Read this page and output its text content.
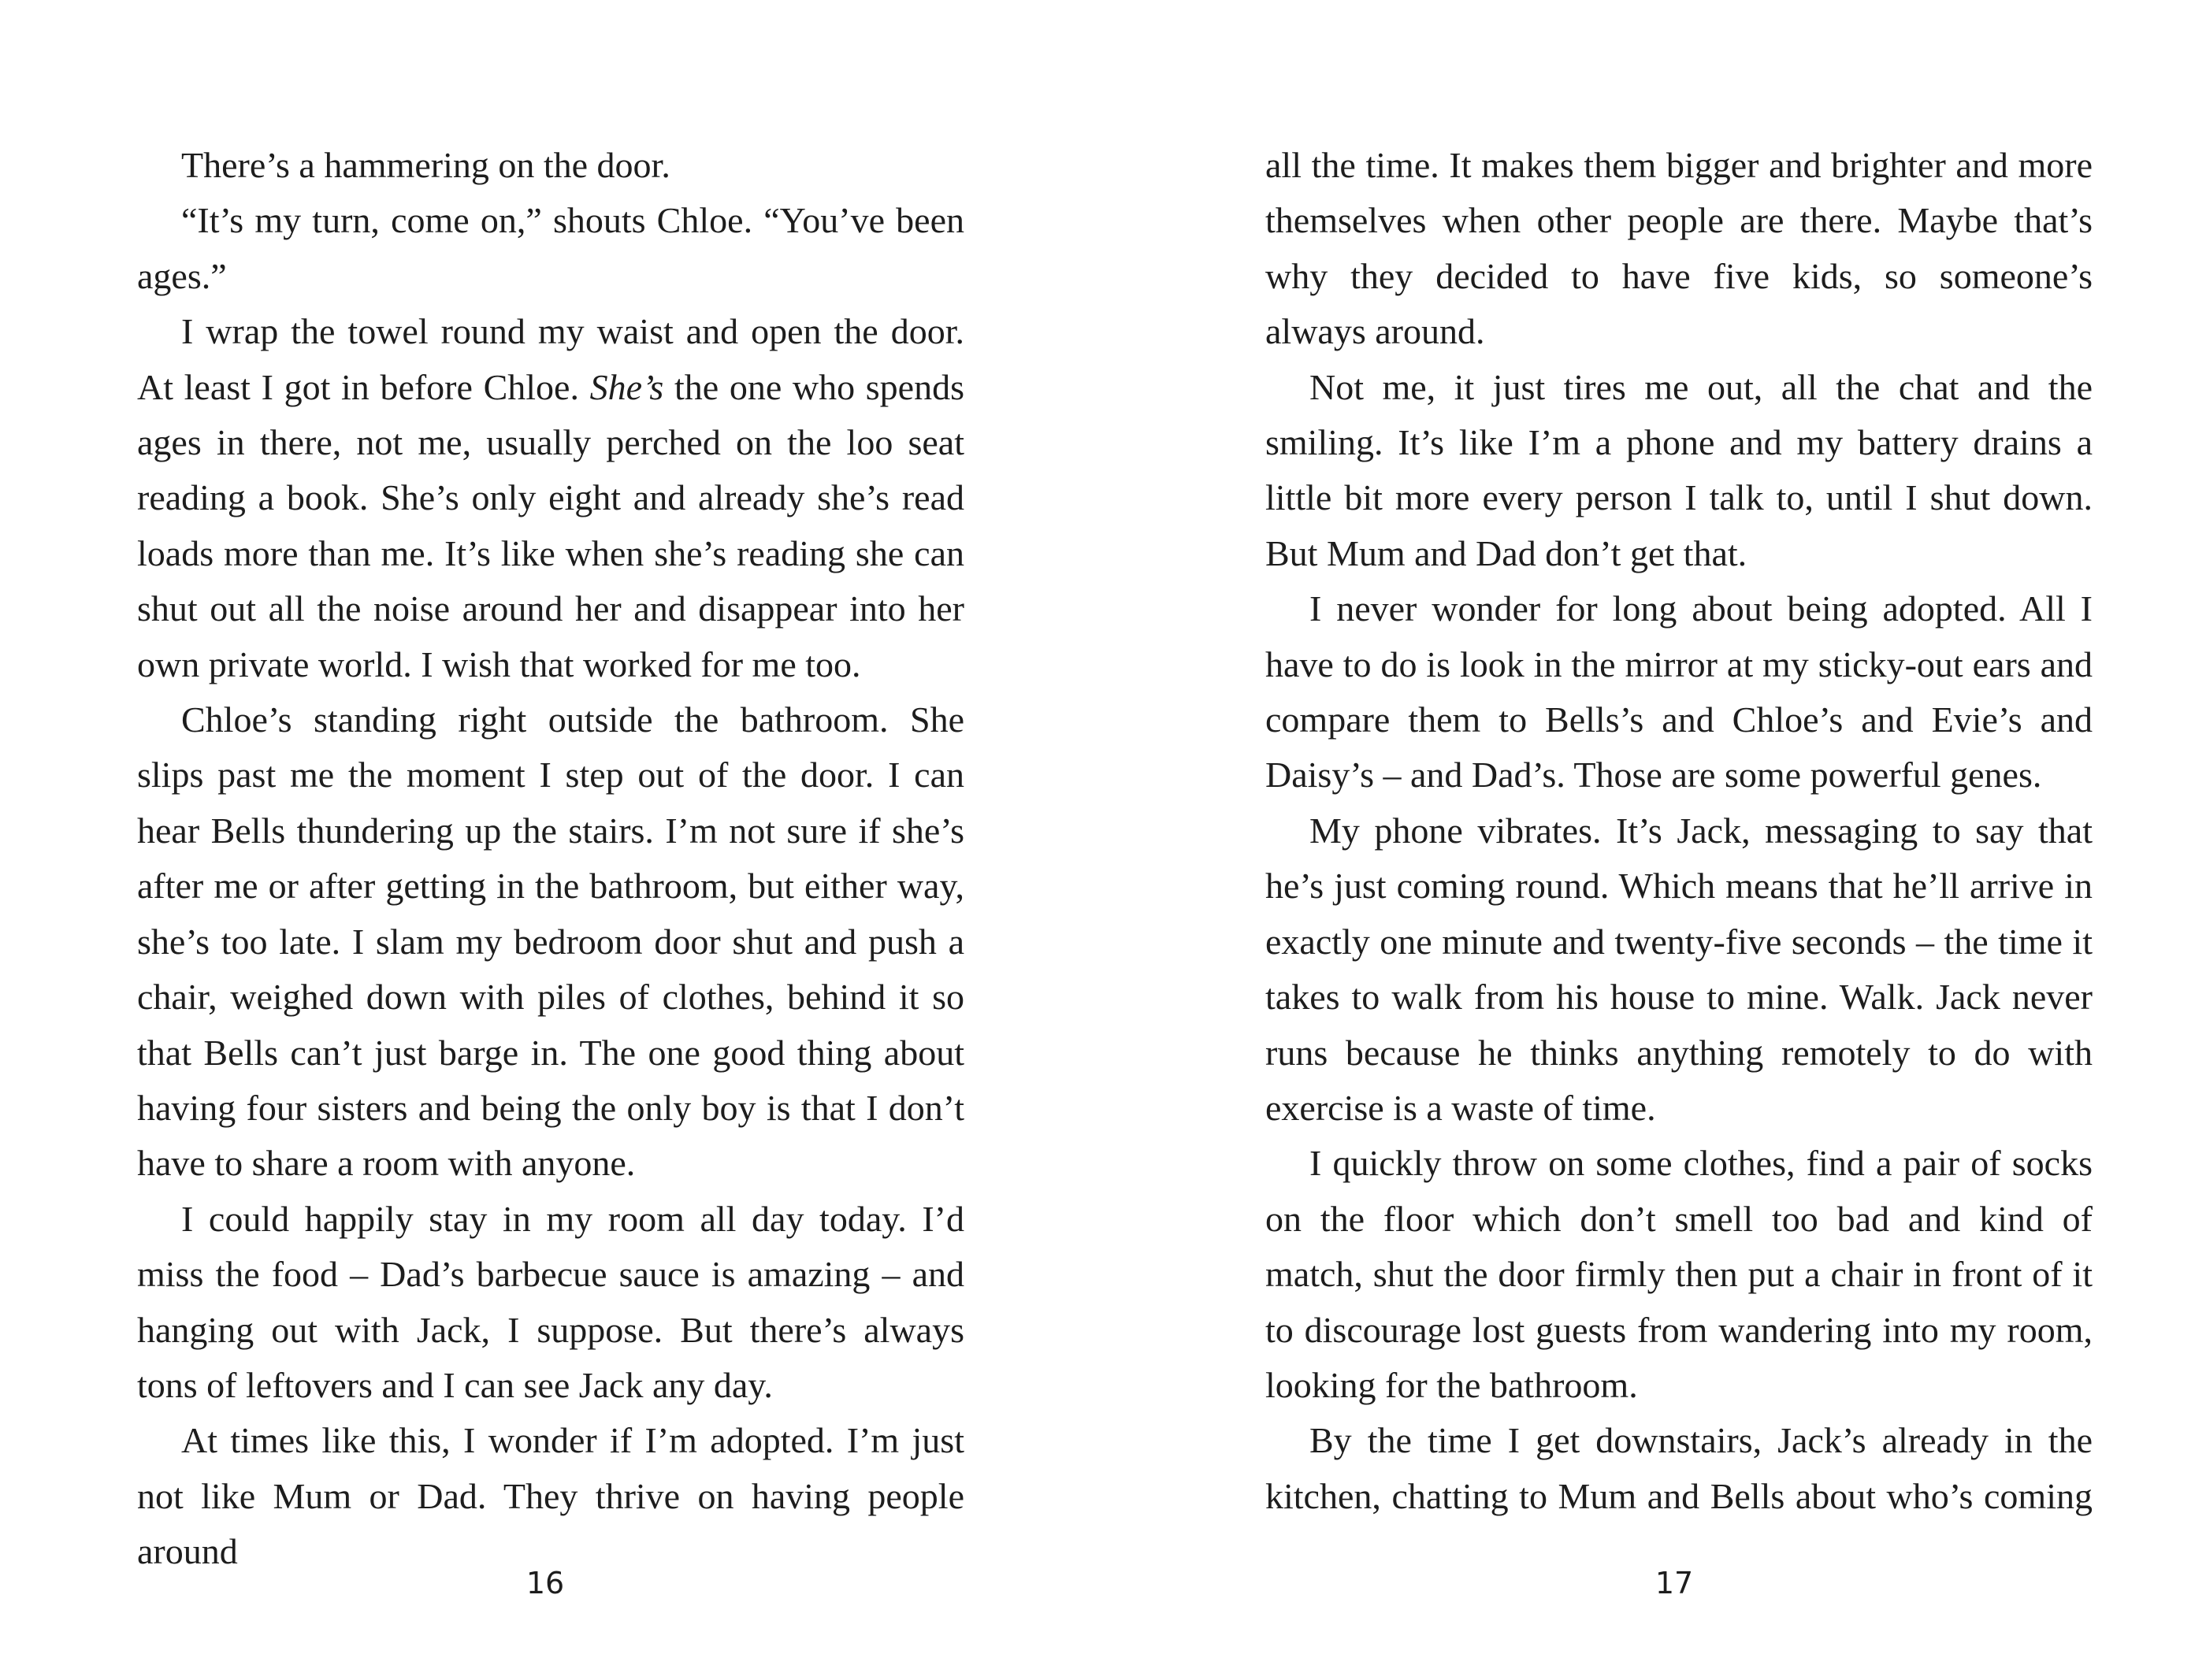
There’s a hammering on the door.

“It’s my turn, come on,” shouts Chloe. “You’ve been ages.”

I wrap the towel round my waist and open the door. At least I got in before Chloe. She’s the one who spends ages in there, not me, usually perched on the loo seat reading a book. She’s only eight and already she’s read loads more than me. It’s like when she’s reading she can shut out all the noise around her and disappear into her own private world. I wish that worked for me too.

Chloe’s standing right outside the bathroom. She slips past me the moment I step out of the door. I can hear Bells thundering up the stairs. I’m not sure if she’s after me or after getting in the bathroom, but either way, she’s too late. I slam my bedroom door shut and push a chair, weighed down with piles of clothes, behind it so that Bells can’t just barge in. The one good thing about having four sisters and being the only boy is that I don’t have to share a room with anyone.

I could happily stay in my room all day today. I’d miss the food – Dad’s barbecue sauce is amazing – and hanging out with Jack, I suppose. But there’s always tons of leftovers and I can see Jack any day.

At times like this, I wonder if I’m adopted. I’m just not like Mum or Dad. They thrive on having people around

16

all the time. It makes them bigger and brighter and more themselves when other people are there. Maybe that’s why they decided to have five kids, so someone’s always around.

Not me, it just tires me out, all the chat and the smiling. It’s like I’m a phone and my battery drains a little bit more every person I talk to, until I shut down. But Mum and Dad don’t get that.

I never wonder for long about being adopted. All I have to do is look in the mirror at my sticky-out ears and compare them to Bells’s and Chloe’s and Evie’s and Daisy’s – and Dad’s. Those are some powerful genes.

My phone vibrates. It’s Jack, messaging to say that he’s just coming round. Which means that he’ll arrive in exactly one minute and twenty-five seconds – the time it takes to walk from his house to mine. Walk. Jack never runs because he thinks anything remotely to do with exercise is a waste of time.

I quickly throw on some clothes, find a pair of socks on the floor which don’t smell too bad and kind of match, shut the door firmly then put a chair in front of it to discourage lost guests from wandering into my room, looking for the bathroom.

By the time I get downstairs, Jack’s already in the kitchen, chatting to Mum and Bells about who’s coming

17
